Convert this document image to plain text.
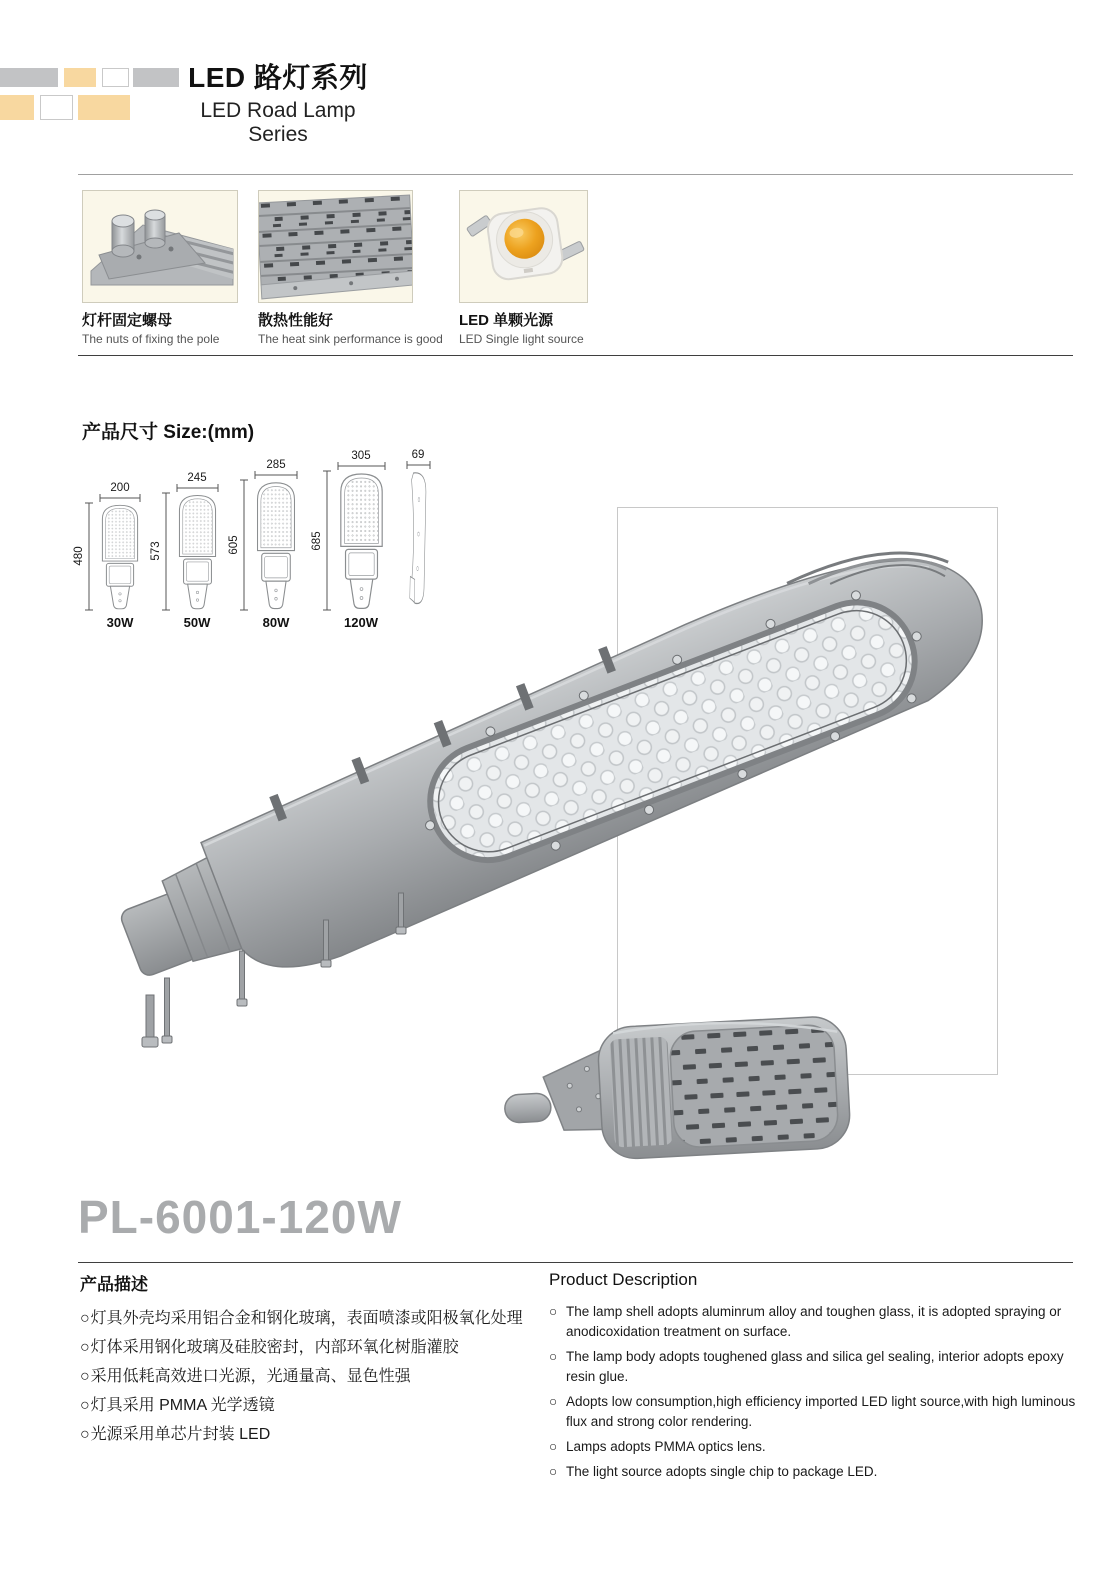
LED 路灯系列
LED Road Lamp Series
灯杆固定螺母
The nuts of fixing the pole
散热性能好
The heat sink performance is good
LED 单颗光源
LED Single light source
产品尺寸 Size:(mm)
200
245
285
305	69
480	573	605	685
30W	50W	80W	120W
PL-6001-120W
产品描述
○ 灯具外壳均采用铝合金和钢化玻璃，表面喷漆或阳极氧化处理
○ 灯体采用钢化玻璃及硅胶密封，内部环氧化树脂灌胶
○ 采用低耗高效进口光源，光通量高、显色性强
○ 灯具采用 PMMA 光学透镜
○ 光源采用单芯片封装 LED
Product Description
○ The lamp shell adopts aluminrum alloy and toughen glass, it is adopted spraying or anodicoxidation treatment on surface.
○ The lamp body adopts toughened glass and silica gel sealing, interior adopts epoxy resin glue.
○ Adopts low consumption,high efficiency imported LED light source,with high luminous flux and strong color rendering.
○ Lamps adopts PMMA optics lens.
○ The light source adopts single chip to package LED.
